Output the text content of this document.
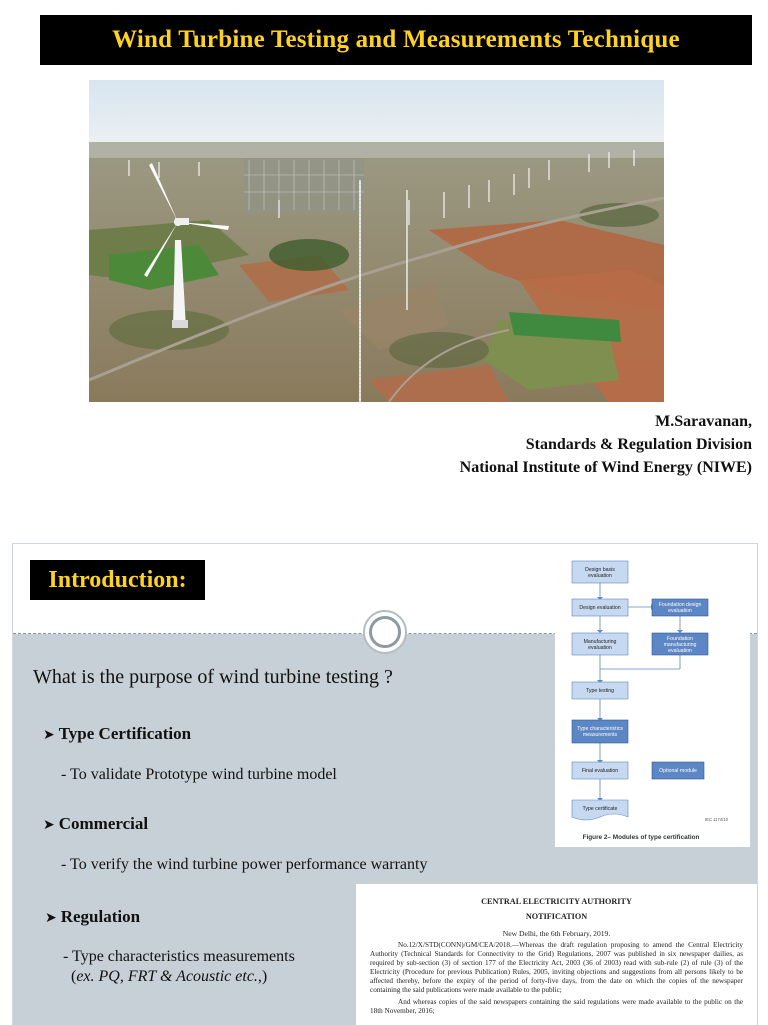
Wind Turbine Testing and Measurements Technique
M.Saravanan,
Standards & Regulation Division
National Institute of Wind Energy (NIWE)
Introduction:
What is the purpose of wind turbine testing ?
➤ Type Certification
- To validate Prototype wind turbine model
➤ Commercial
- To verify the wind turbine power performance warranty
➤ Regulation
- Type characteristics measurements
(ex. PQ, FRT & Acoustic etc.,)
Design basis evaluation
Design evaluation	Foundation design evaluation
Manufacturing evaluation
Foundation manufacturing evaluation
Type testing
Type characteristics measurements
Final evaluation	Optional module
Type certificate
IEC 1174/10
Figure 2– Modules of type certification
CENTRAL ELECTRICITY AUTHORITY
NOTIFICATION
New Delhi, the 6th February, 2019.
No.12/X/STD(CONN)/GM/CEA/2018.—Whereas the draft regulation proposing to amend the Central Electricity Authority (Technical Standards for Connectivity to the Grid) Regulations, 2007 was published in six newspaper dailies, as required by sub-section (3) of section 177 of the Electricity Act, 2003 (36 of 2003) read with sub-rule (2) of rule (3) of the Electricity (Procedure for previous Publication) Rules, 2005, inviting objections and suggestions from all persons likely to be affected thereby, before the expiry of the period of forty-five days, from the date on which the copies of the newspaper containing the said publications were made available to the public;
And whereas copies of the said newspapers containing the said regulations were made available to the public on the 18th November, 2016;
